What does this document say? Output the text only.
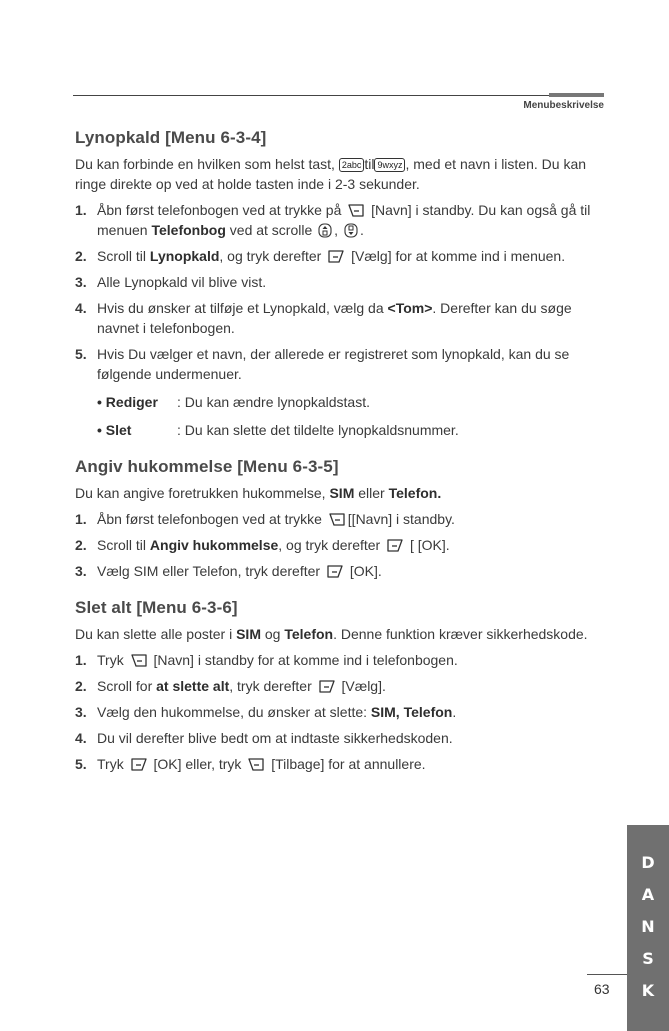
Menubeskrivelse
Lynopkald [Menu 6-3-4]

Du kan forbinde en hvilken som helst tast, 2abc til 9wxyz , med et navn i listen. Du kan ringe direkte op ved at holde tasten inde i 2-3 sekunder.

1. Åbn først telefonbogen ved at trykke på [Navn] i standby. Du kan også gå til menuen Telefonbog ved at scrolle , .
2. Scroll til Lynopkald, og tryk derefter [Vælg] for at komme ind i menuen.
3. Alle Lynopkald vil blive vist.
4. Hvis du ønsker at tilføje et Lynopkald, vælg da <Tom>. Derefter kan du søge navnet i telefonbogen.
5. Hvis Du vælger et navn, der allerede er registreret som lynopkald, kan du se følgende undermenuer.
• Rediger	: Du kan ændre lynopkaldstast.
• Slet	: Du kan slette det tildelte lynopkaldsnummer.
Angiv hukommelse [Menu 6-3-5]

Du kan angive foretrukken hukommelse, SIM eller Telefon.

1. Åbn først telefonbogen ved at trykke [[Navn] i standby.
2. Scroll til Angiv hukommelse, og tryk derefter [ [OK].
3. Vælg SIM eller Telefon, tryk derefter [OK].
Slet alt [Menu 6-3-6]

Du kan slette alle poster i SIM og Telefon. Denne funktion kræver sikkerhedskode.

1. Tryk [Navn] i standby for at komme ind i telefonbogen.
2. Scroll for at slette alt, tryk derefter [Vælg].
3. Vælg den hukommelse, du ønsker at slette: SIM, Telefon.
4. Du vil derefter blive bedt om at indtaste sikkerhedskoden.
5. Tryk [OK] eller, tryk [Tilbage] for at annullere.
D
A
N
S
K
63
